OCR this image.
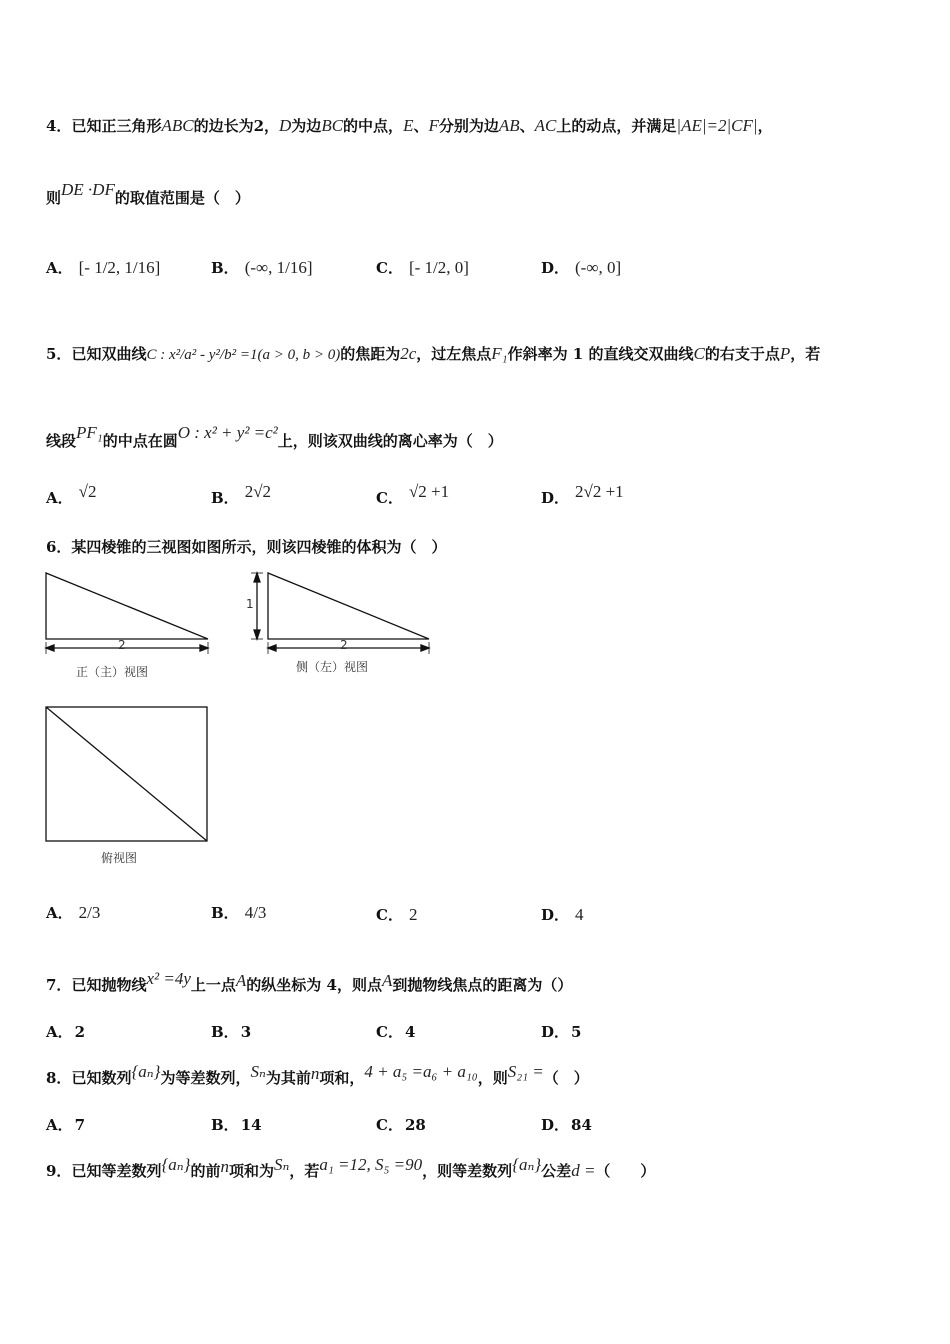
4．已知正三角形ABC的边长为2，D为边BC的中点，E、F分别为边AB、AC上的动点，并满足|AE|=2|CF|，
则DE ·DF的取值范围是（　）
A． [- 1/2, 1/16]	B． (-∞, 1/16]	C． [- 1/2, 0]	D． (-∞, 0]
5．已知双曲线C : x²/a² - y²/b² =1(a > 0, b > 0)的焦距为2c，过左焦点F₁作斜率为 1 的直线交双曲线C的右支于点P，若
线段PF₁的中点在圆O : x² + y² =c²上，则该双曲线的离心率为（　）
A． √2	B． 2√2	C． √2 +1	D． 2√2 +1
6．某四棱锥的三视图如图所示，则该四棱锥的体积为（　）
2
正（主）视图
1
2
侧（左）视图
俯视图
A． 2/3	B． 4/3	C． 2	D． 4
7．已知抛物线x² =4y上一点A的纵坐标为 4，则点A到抛物线焦点的距离为（）
A． 2	B． 3	C． 4	D． 5
8．已知数列{aₙ}为等差数列，Sₙ为其前n项和，4 + a₅ =a₆ + a₁₀，则S₂₁ =（　）
A． 7	B． 14	C． 28	D． 84
9．已知等差数列{aₙ}的前n项和为Sₙ，若a₁ =12, S₅ =90，则等差数列{aₙ}公差d =（　　）
